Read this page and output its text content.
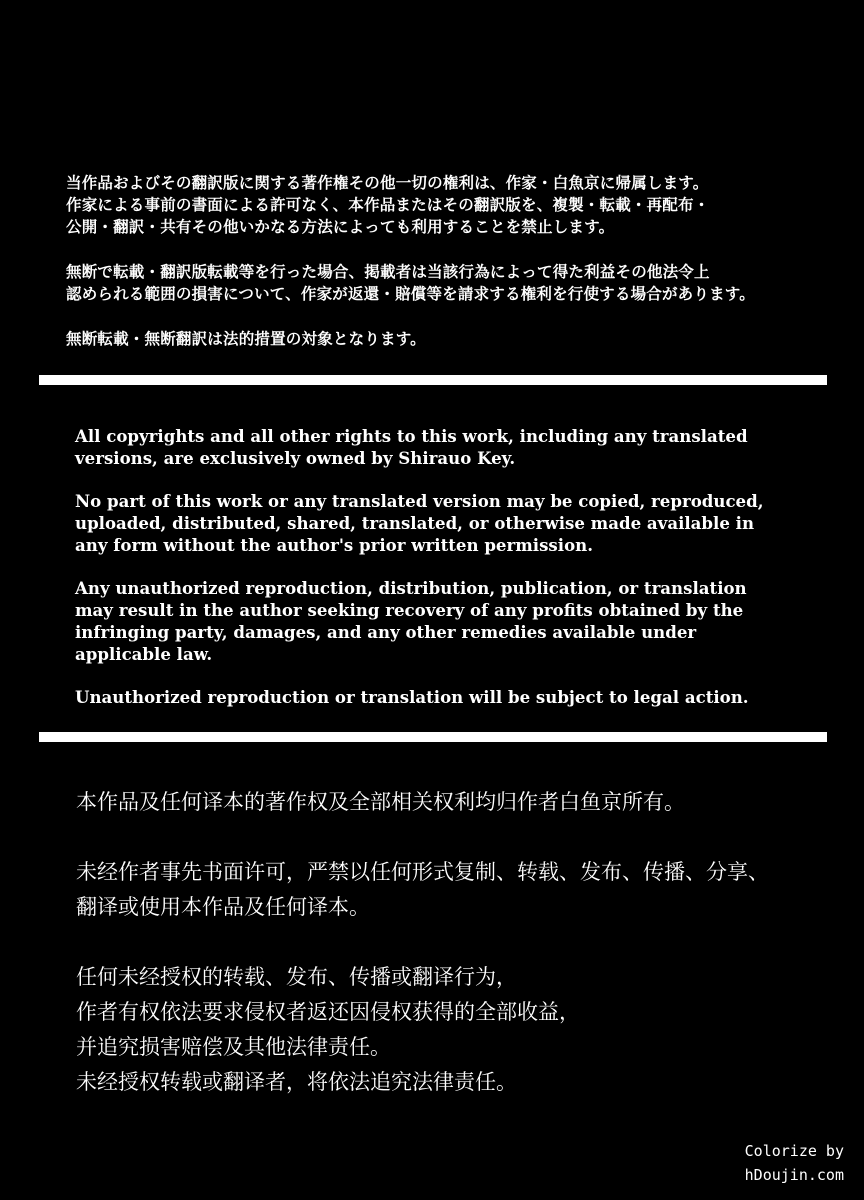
当作品およびその翻訳版に関する著作権その他一切の権利は、作家・白魚京に帰属します。
作家による事前の書面による許可なく、本作品またはその翻訳版を、複製・転載・再配布・
公開・翻訳・共有その他いかなる方法によっても利用することを禁止します。
無断で転載・翻訳版転載等を行った場合、掲載者は当該行為によって得た利益その他法令上
認められる範囲の損害について、作家が返還・賠償等を請求する権利を行使する場合があります。
無断転載・無断翻訳は法的措置の対象となります。
All copyrights and all other rights to this work, including any translated
versions, are exclusively owned by Shirauo Key.
No part of this work or any translated version may be copied, reproduced,
uploaded, distributed, shared, translated, or otherwise made available in
any form without the author's prior written permission.
Any unauthorized reproduction, distribution, publication, or translation
may result in the author seeking recovery of any profits obtained by the
infringing party, damages, and any other remedies available under
applicable law.
Unauthorized reproduction or translation will be subject to legal action.
本作品及任何译本的著作权及全部相关权利均归作者白鱼京所有。
未经作者事先书面许可，严禁以任何形式复制、转载、发布、传播、分享、
翻译或使用本作品及任何译本。
任何未经授权的转载、发布、传播或翻译行为，
作者有权依法要求侵权者返还因侵权获得的全部收益，
并追究损害赔偿及其他法律责任。
未经授权转载或翻译者，将依法追究法律责任。
Colorize by
hDoujin.com
